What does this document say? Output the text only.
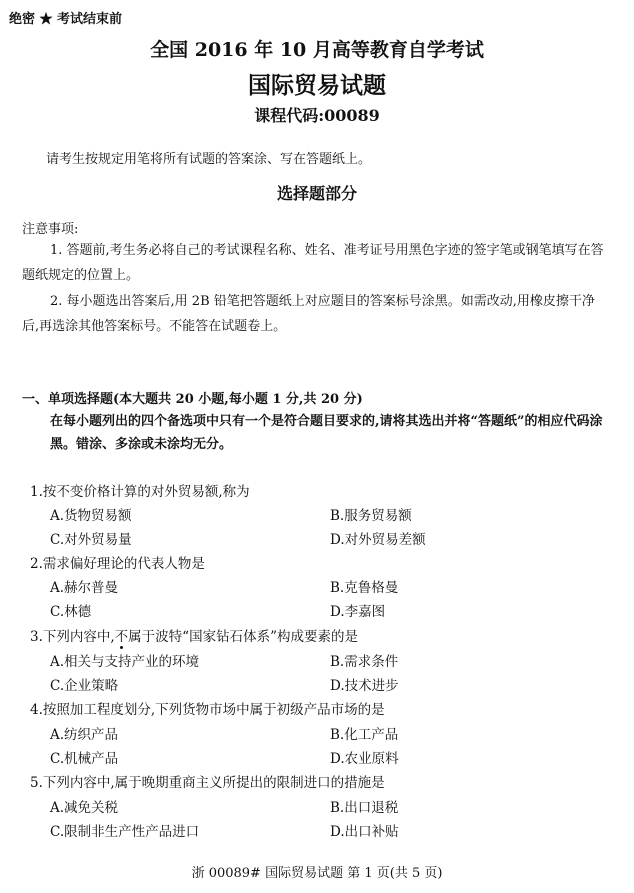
绝密 ★ 考试结束前
全国 2016 年 10 月高等教育自学考试
国际贸易试题
课程代码:00089
请考生按规定用笔将所有试题的答案涂、写在答题纸上。
选择题部分
注意事项:
1. 答题前,考生务必将自己的考试课程名称、姓名、准考证号用黑色字迹的签字笔或钢笔填写在答题纸规定的位置上。
2. 每小题选出答案后,用 2B 铅笔把答题纸上对应题目的答案标号涂黑。如需改动,用橡皮擦干净后,再选涂其他答案标号。不能答在试题卷上。
一、单项选择题(本大题共 20 小题,每小题 1 分,共 20 分)
在每小题列出的四个备选项中只有一个是符合题目要求的,请将其选出并将“答题纸”的相应代码涂黑。错涂、多涂或未涂均无分。
1.按不变价格计算的对外贸易额,称为
A.货物贸易额	B.服务贸易额
C.对外贸易量	D.对外贸易差额
2.需求偏好理论的代表人物是
A.赫尔普曼	B.克鲁格曼
C.林德	D.李嘉图
3.下列内容中,不属于波特“国家钻石体系”构成要素的是
A.相关与支持产业的环境	B.需求条件
C.企业策略	D.技术进步
4.按照加工程度划分,下列货物市场中属于初级产品市场的是
A.纺织产品	B.化工产品
C.机械产品	D.农业原料
5.下列内容中,属于晚期重商主义所提出的限制进口的措施是
A.减免关税	B.出口退税
C.限制非生产性产品进口	D.出口补贴
浙 00089# 国际贸易试题 第 1 页(共 5 页)
